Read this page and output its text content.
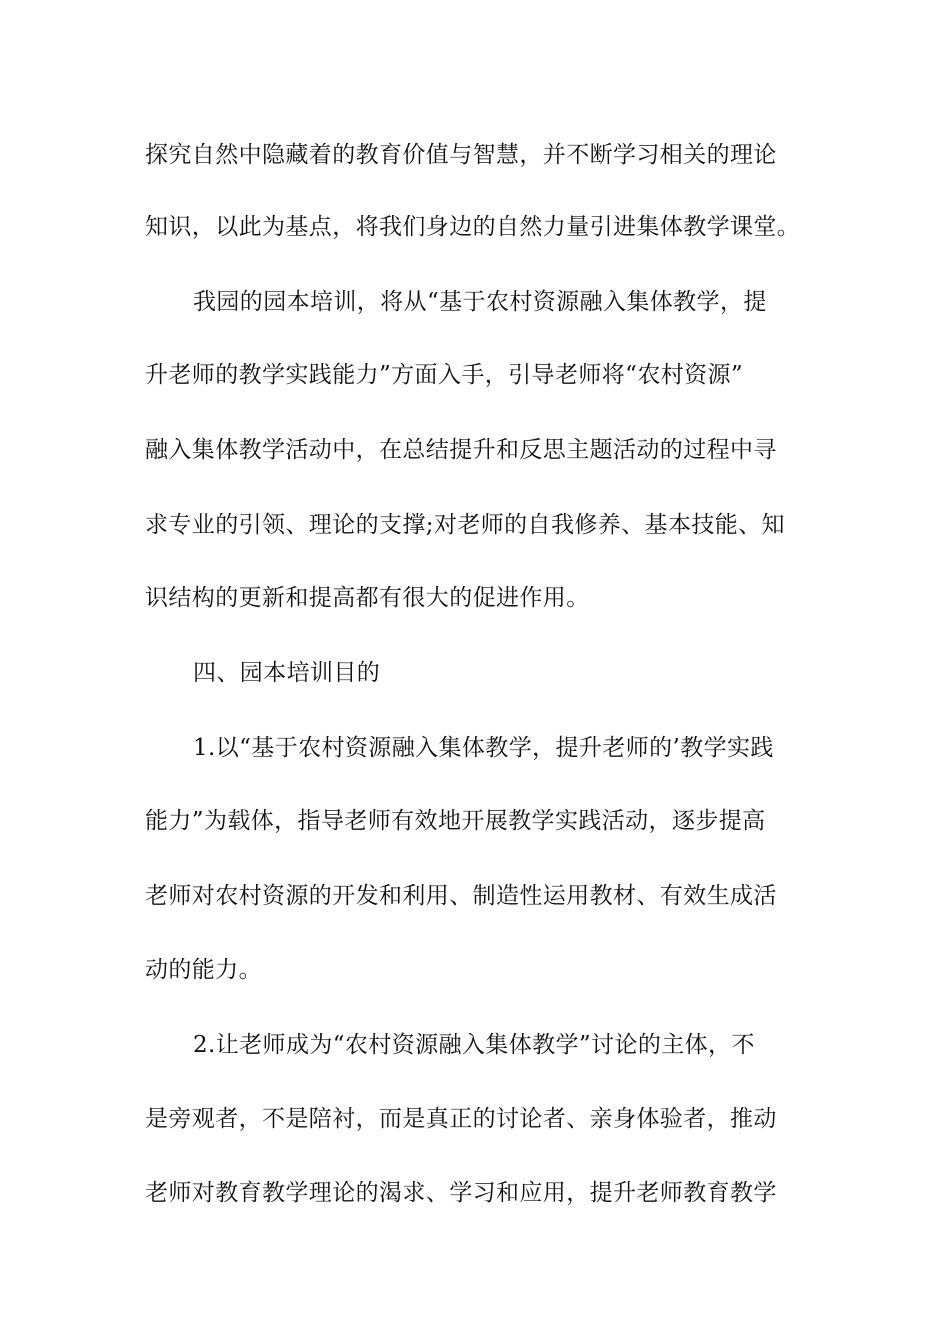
探究自然中隐藏着的教育价值与智慧，并不断学习相关的理论
知识，以此为基点，将我们身边的自然力量引进集体教学课堂。
我园的园本培训，将从“基于农村资源融入集体教学，提
升老师的教学实践能力”方面入手，引导老师将“农村资源”
融入集体教学活动中，在总结提升和反思主题活动的过程中寻
求专业的引领、理论的支撑;对老师的自我修养、基本技能、知
识结构的更新和提高都有很大的促进作用。
四、园本培训目的
1.以“基于农村资源融入集体教学，提升老师的’教学实践
能力”为载体，指导老师有效地开展教学实践活动，逐步提高
老师对农村资源的开发和利用、制造性运用教材、有效生成活
动的能力。
2.让老师成为“农村资源融入集体教学”讨论的主体，不
是旁观者，不是陪衬，而是真正的讨论者、亲身体验者，推动
老师对教育教学理论的渴求、学习和应用，提升老师教育教学
